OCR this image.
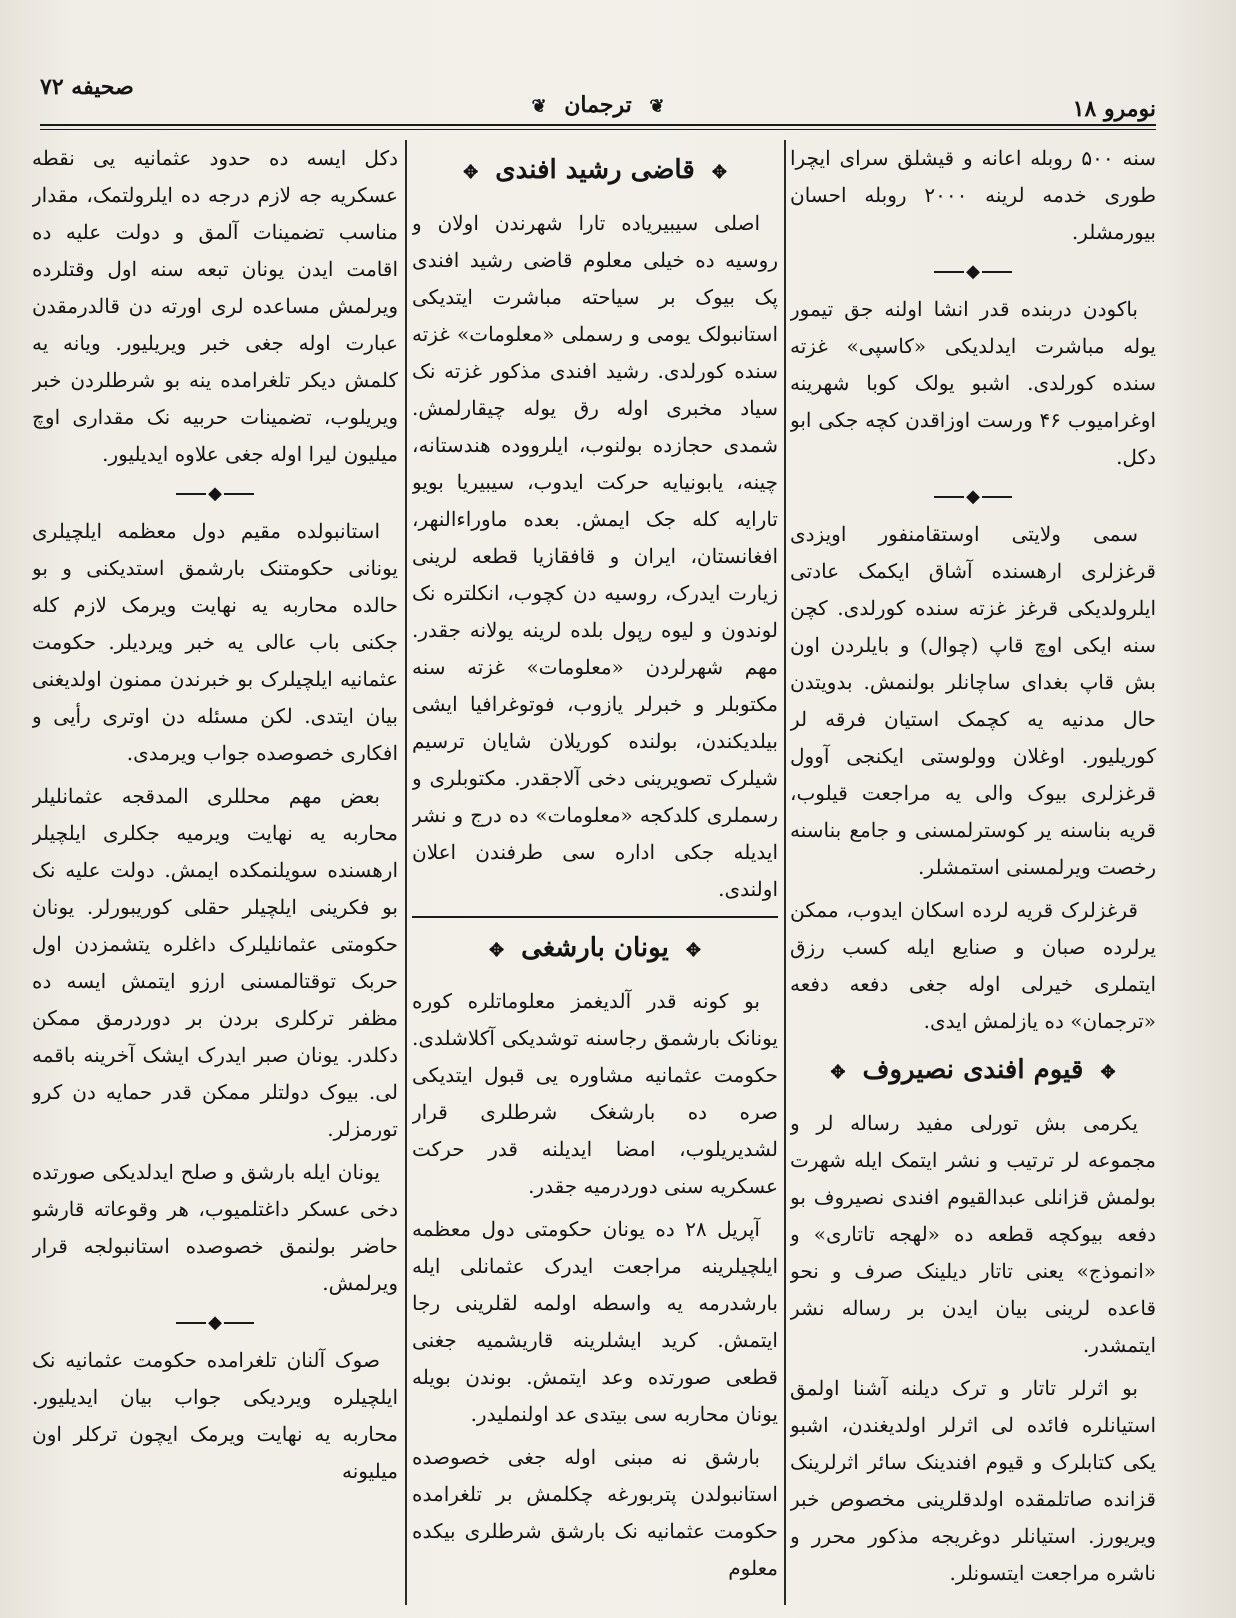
نومرو ۱۸
❦ ترجمان ❦
صحیفه ۷۲

سنه ۵۰۰ روبله اعانه و قیشلق سرای ایچرا طوری خدمه لرینه ۲۰۰۰ روبله احسان بیورمشلر.

◆

باکودن دربنده قدر انشا اولنه جق تیمور یوله مباشرت ایدلدیکی «کاسپی» غزته سنده کورلدی. اشبو یولک کوبا شهرینه اوغرامیوب ۴۶ ورست اوزاقدن کچه جکی ابو دکل.

◆

سمی ولایتی اوستقامنفور اویزدی قرغزلری ارهسنده آشاق ایکمک عادتی ایلرولدیکی قرغز غزته سنده کورلدی. کچن سنه ایکی اوچ قاپ (چوال) و بایلردن اون بش قاپ بغدای ساچانلر بولنمش. بدویتدن حال مدنیه یه کچمک استیان فرقه لر کوریلیور. اوغلان وولوستی ایکنجی آوول قرغزلری بیوک والی یه مراجعت قیلوب، قریه بناسنه یر کوسترلمسنی و جامع بناسنه رخصت ویرلمسنی استمشلر.

قرغزلرک قریه لرده اسکان ایدوب، ممکن یرلرده صبان و صنایع ایله کسب رزق ایتملری خیرلی اوله جغی دفعه دفعه «ترجمان» ده یازلمش ایدی.

✥ قیوم افندی نصیروف ✥

یکرمی بش تورلی مفید رساله لر و مجموعه لر ترتیب و نشر ایتمک ایله شهرت بولمش قزانلی عبدالقیوم افندی نصیروف بو دفعه بیوکچه قطعه ده «لهجه تاتاری» و «انموذج» یعنی تاتار دیلینک صرف و نحو قاعده لرینی بیان ایدن بر رساله نشر ایتمشدر.

بو اثرلر تاتار و ترک دیلنه آشنا اولمق استیانلره فائده لی اثرلر اولدیغندن، اشبو یکی کتابلرک و قیوم افندینک سائر اثرلرینک قزانده صاتلمقده اولدقلرینی مخصوص خبر ویریورز. استیانلر دوغریجه مذکور محرر و ناشره مراجعت ایتسونلر.

✥ قاضی رشید افندی ✥

اصلی سیبیریاده تارا شهرندن اولان و روسیه ده خیلی معلوم قاضی رشید افندی پک بیوک بر سیاحته مباشرت ایتدیکی استانبولک یومی و رسملی «معلومات» غزته سنده کورلدی. رشید افندی مذکور غزته نک سیاد مخبری اوله رق یوله چیقارلمش. شمدی حجازده بولنوب، ایلرووده هندستانه، چینه، یابونیایه حرکت ایدوب، سیبیریا بویو تارایه کله جک ایمش. بعده ماوراءالنهر، افغانستان، ایران و قافقازیا قطعه لرینی زیارت ایدرک، روسیه دن کچوب، انکلتره نک لوندون و لیوه رپول بلده لرینه یولانه جقدر. مهم شهرلردن «معلومات» غزته سنه مکتوبلر و خبرلر یازوب، فوتوغرافیا ایشی بیلدیکندن، بولنده کوریلان شایان ترسیم شیلرک تصویرینی دخی آلاجقدر. مکتوبلری و رسملری کلدکجه «معلومات» ده درج و نشر ایدیله جکی اداره سی طرفندن اعلان اولندی.

✥ یونان بارشغی ✥

بو کونه قدر آلدیغمز معلوماتلره کوره یونانک بارشمق رجاسنه توشدیکی آکلاشلدی. حکومت عثمانیه مشاوره یی قبول ایتدیکی صره ده بارشغک شرطلری قرار لشدیریلوب، امضا ایدیلنه قدر حرکت عسکریه سنی دوردرمیه جقدر.

آپریل ۲۸ ده یونان حکومتی دول معظمه ایلچیلرینه مراجعت ایدرک عثمانلی ایله بارشدرمه یه واسطه اولمه لقلرینی رجا ایتمش. کرید ایشلرینه قاریشمیه جغنی قطعی صورتده وعد ایتمش. بوندن بویله یونان محاربه سی بیتدی عد اولنملیدر.

بارشق نه مبنی اوله جغی خصوصده استانبولدن پتربورغه چکلمش بر تلغرامده حکومت عثمانیه نک بارشق شرطلری بیکده معلوم

دکل ایسه ده حدود عثمانیه یی نقطه عسکریه جه لازم درجه ده ایلرولتمک، مقدار مناسب تضمینات آلمق و دولت علیه ده اقامت ایدن یونان تبعه سنه اول وقتلرده ویرلمش مساعده لری اورته دن قالدرمقدن عبارت اوله جغی خبر ویریلیور. ویانه یه کلمش دیکر تلغرامده ینه بو شرطلردن خبر ویریلوب، تضمینات حربیه نک مقداری اوچ میلیون لیرا اوله جغی علاوه ایدیلیور.

◆

استانبولده مقیم دول معظمه ایلچیلری یونانی حکومتنک بارشمق استدیکنی و بو حالده محاربه یه نهایت ویرمک لازم کله جکنی باب عالی یه خبر ویردیلر. حکومت عثمانیه ایلچیلرک بو خبرندن ممنون اولدیغنی بیان ایتدی. لکن مسئله دن اوتری رأیی و افکاری خصوصده جواب ویرمدی.

بعض مهم محللری المدقجه عثمانلیلر محاربه یه نهایت ویرمیه جکلری ایلچیلر ارهسنده سویلنمکده ایمش. دولت علیه نک بو فکرینی ایلچیلر حقلی کوریبورلر. یونان حکومتی عثمانلیلرک داغلره یتشمزدن اول حربک توقتالمسنی ارزو ایتمش ایسه ده مظفر ترکلری بردن بر دوردرمق ممکن دکلدر. یونان صبر ایدرک ایشک آخرینه باقمه لی. بیوک دولتلر ممکن قدر حمایه دن کرو تورمزلر.

یونان ایله بارشق و صلح ایدلدیکی صورتده دخی عسکر داغتلمیوب، هر وقوعاته قارشو حاضر بولنمق خصوصده استانبولجه قرار ویرلمش.

◆

صوک آلنان تلغرامده حکومت عثمانیه نک ایلچیلره ویردیکی جواب بیان ایدیلیور. محاربه یه نهایت ویرمک ایچون ترکلر اون میلیونه
